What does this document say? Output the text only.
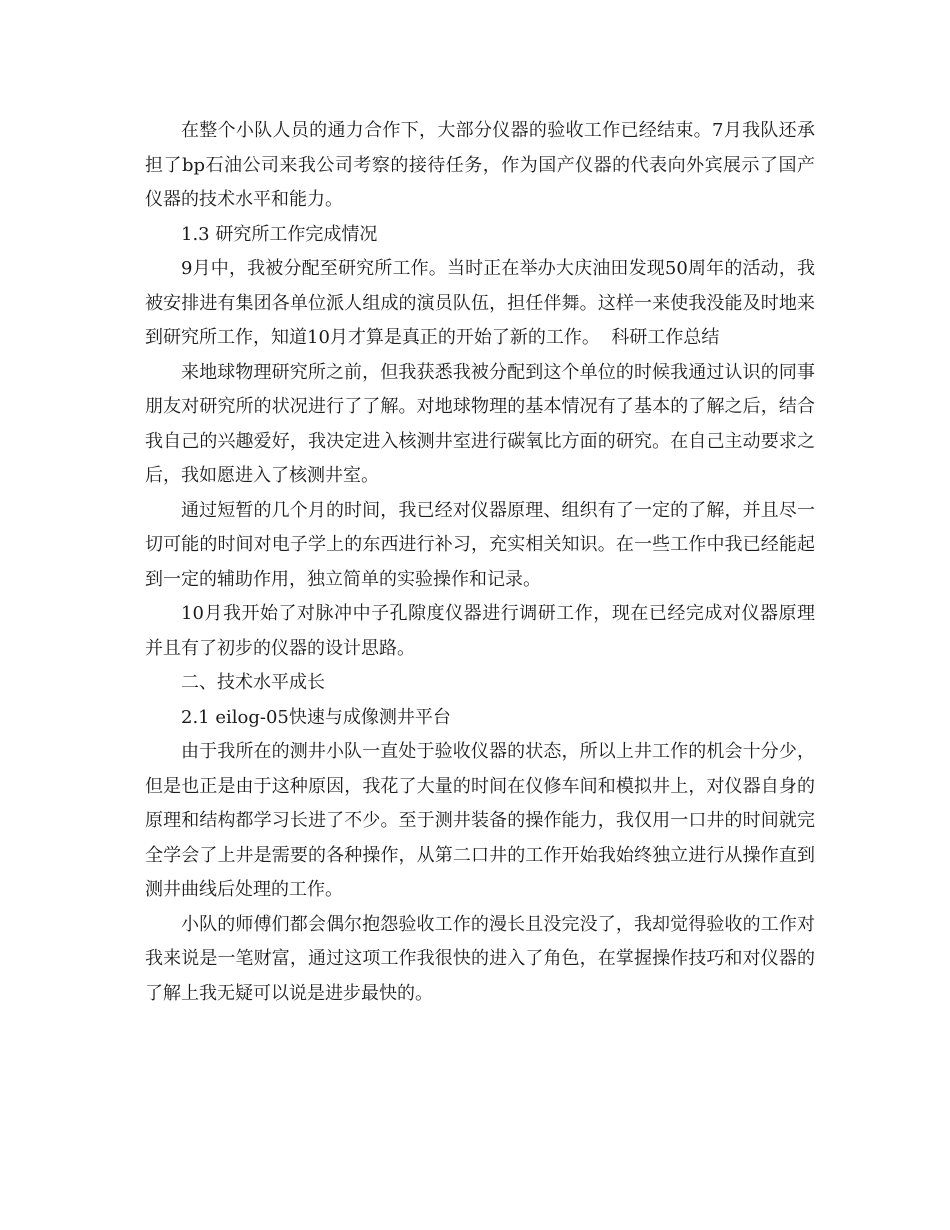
在整个小队人员的通力合作下，大部分仪器的验收工作已经结束。7月我队还承担了bp石油公司来我公司考察的接待任务，作为国产仪器的代表向外宾展示了国产仪器的技术水平和能力。

1.3 研究所工作完成情况

9月中，我被分配至研究所工作。当时正在举办大庆油田发现50周年的活动，我被安排进有集团各单位派人组成的演员队伍，担任伴舞。这样一来使我没能及时地来到研究所工作，知道10月才算是真正的开始了新的工作。  科研工作总结

来地球物理研究所之前，但我获悉我被分配到这个单位的时候我通过认识的同事朋友对研究所的状况进行了了解。对地球物理的基本情况有了基本的了解之后，结合我自己的兴趣爱好，我决定进入核测井室进行碳氧比方面的研究。在自己主动要求之后，我如愿进入了核测井室。

通过短暂的几个月的时间，我已经对仪器原理、组织有了一定的了解，并且尽一切可能的时间对电子学上的东西进行补习，充实相关知识。在一些工作中我已经能起到一定的辅助作用，独立简单的实验操作和记录。

10月我开始了对脉冲中子孔隙度仪器进行调研工作，现在已经完成对仪器原理并且有了初步的仪器的设计思路。

二、技术水平成长

2.1 eilog-05快速与成像测井平台

由于我所在的测井小队一直处于验收仪器的状态，所以上井工作的机会十分少，但是也正是由于这种原因，我花了大量的时间在仪修车间和模拟井上，对仪器自身的原理和结构都学习长进了不少。至于测井装备的操作能力，我仅用一口井的时间就完全学会了上井是需要的各种操作，从第二口井的工作开始我始终独立进行从操作直到测井曲线后处理的工作。

小队的师傅们都会偶尔抱怨验收工作的漫长且没完没了，我却觉得验收的工作对我来说是一笔财富，通过这项工作我很快的进入了角色，在掌握操作技巧和对仪器的了解上我无疑可以说是进步最快的。
